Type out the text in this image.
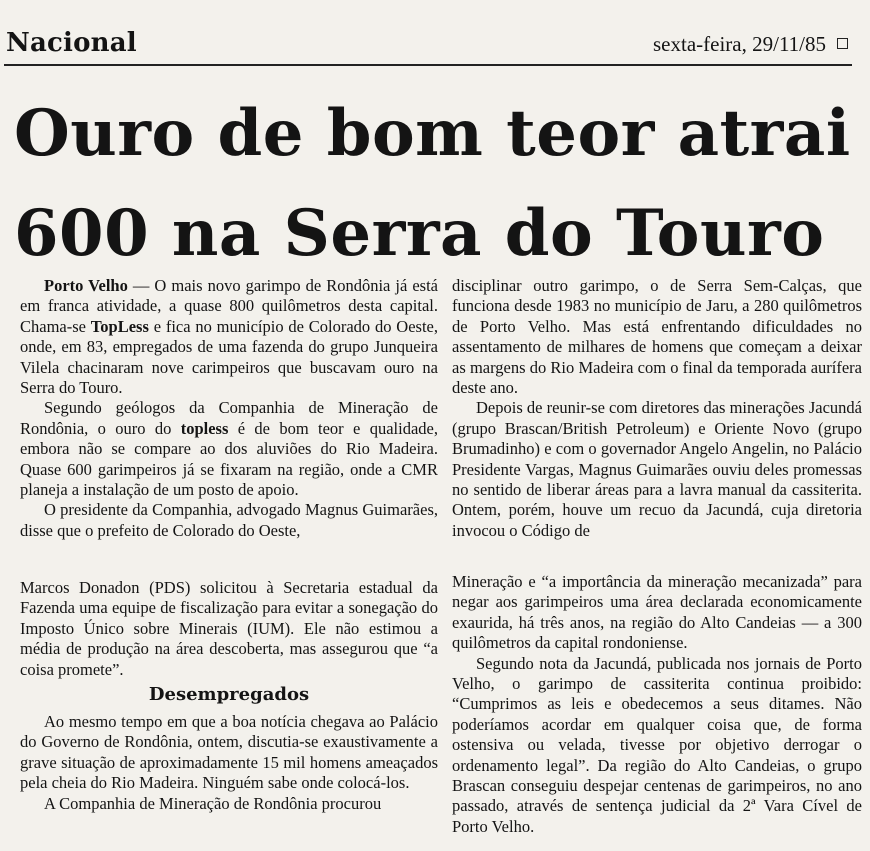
Nacional	sexta-feira, 29/11/85
Ouro de bom teor atrai
600 na Serra do Touro

Porto Velho — O mais novo garimpo de Rondônia já está em franca atividade, a quase 800 quilômetros desta capital. Chama-se TopLess e fica no município de Colorado do Oeste, onde, em 83, empregados de uma fazenda do grupo Junqueira Vilela chacinaram nove carimpeiros que buscavam ouro na Serra do Touro.

Segundo geólogos da Companhia de Mineração de Rondônia, o ouro do topless é de bom teor e qualidade, embora não se compare ao dos aluviões do Rio Madeira. Quase 600 garimpeiros já se fixaram na região, onde a CMR planeja a instalação de um posto de apoio.

O presidente da Companhia, advogado Magnus Guimarães, disse que o prefeito de Colorado do Oeste,

disciplinar outro garimpo, o de Serra Sem-Calças, que funciona desde 1983 no município de Jaru, a 280 quilômetros de Porto Velho. Mas está enfrentando dificuldades no assentamento de milhares de homens que começam a deixar as margens do Rio Madeira com o final da temporada aurífera deste ano.

Depois de reunir-se com diretores das minerações Jacundá (grupo Brascan/British Petroleum) e Oriente Novo (grupo Brumadinho) e com o governador Angelo Angelin, no Palácio Presidente Vargas, Magnus Guimarães ouviu deles promessas no sentido de liberar áreas para a lavra manual da cassiterita. Ontem, porém, houve um recuo da Jacundá, cuja diretoria invocou o Código de

Marcos Donadon (PDS) solicitou à Secretaria estadual da Fazenda uma equipe de fiscalização para evitar a sonegação do Imposto Único sobre Minerais (IUM). Ele não estimou a média de produção na área descoberta, mas assegurou que “a coisa promete”.

Desempregados

Ao mesmo tempo em que a boa notícia chegava ao Palácio do Governo de Rondônia, ontem, discutia-se exaustivamente a grave situação de aproximadamente 15 mil homens ameaçados pela cheia do Rio Madeira. Ninguém sabe onde colocá-los.

A Companhia de Mineração de Rondônia procurou

Mineração e “a importância da mineração mecanizada” para negar aos garimpeiros uma área declarada economicamente exaurida, há três anos, na região do Alto Candeias — a 300 quilômetros da capital rondoniense.

Segundo nota da Jacundá, publicada nos jornais de Porto Velho, o garimpo de cassiterita continua proibido: “Cumprimos as leis e obedecemos a seus ditames. Não poderíamos acordar em qualquer coisa que, de forma ostensiva ou velada, tivesse por objetivo derrogar o ordenamento legal”. Da região do Alto Candeias, o grupo Brascan conseguiu despejar centenas de garimpeiros, no ano passado, através de sentença judicial da 2ª Vara Cível de Porto Velho.
